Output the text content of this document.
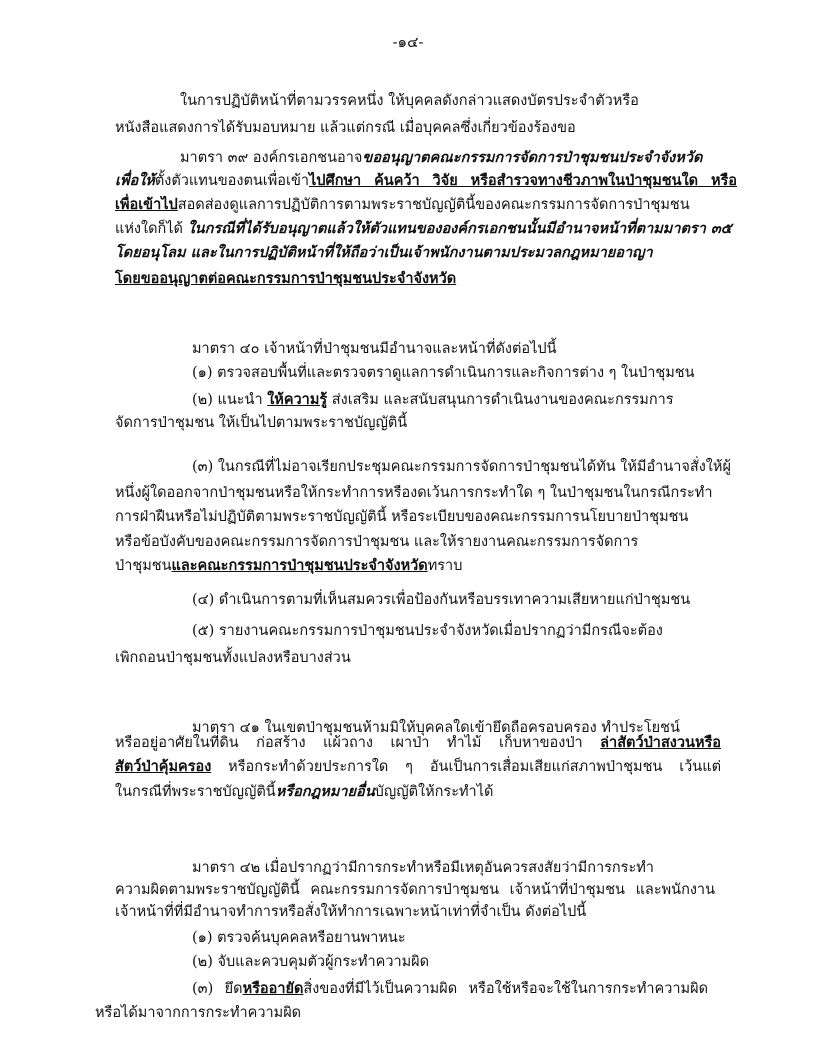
-๑๔-
ในการปฏิบัติหน้าที่ตามวรรคหนึ่ง ให้บุคคลดังกล่าวแสดงบัตรประจำตัวหรือ
หนังสือแสดงการได้รับมอบหมาย แล้วแต่กรณี เมื่อบุคคลซึ่งเกี่ยวข้องร้องขอ
มาตรา ๓๙ องค์กรเอกชนอาจขออนุญาตคณะกรรมการจัดการป่าชุมชนประจำจังหวัด
เพื่อให้ตั้งตัวแทนของตนเพื่อเข้าไปศึกษา ค้นคว้า วิจัย หรือสำรวจทางชีวภาพในป่าชุมชนใด หรือ
เพื่อเข้าไปสอดส่องดูแลการปฏิบัติการตามพระราชบัญญัตินี้ของคณะกรรมการจัดการป่าชุมชน
แห่งใดก็ได้ ในกรณีที่ได้รับอนุญาตแล้วให้ตัวแทนขององค์กรเอกชนนั้นมีอำนาจหน้าที่ตามมาตรา ๓๕
โดยอนุโลม และในการปฏิบัติหน้าที่ให้ถือว่าเป็นเจ้าพนักงานตามประมวลกฎหมายอาญา
โดยขออนุญาตต่อคณะกรรมการป่าชุมชนประจำจังหวัด
มาตรา ๔๐ เจ้าหน้าที่ป่าชุมชนมีอำนาจและหน้าที่ดังต่อไปนี้
(๑) ตรวจสอบพื้นที่และตรวจตราดูแลการดำเนินการและกิจการต่าง ๆ ในป่าชุมชน
(๒) แนะนำ ให้ความรู้ ส่งเสริม และสนับสนุนการดำเนินงานของคณะกรรมการ
จัดการป่าชุมชน ให้เป็นไปตามพระราชบัญญัตินี้
(๓) ในกรณีที่ไม่อาจเรียกประชุมคณะกรรมการจัดการป่าชุมชนได้ทัน ให้มีอำนาจสั่งให้ผู้
หนึ่งผู้ใดออกจากป่าชุมชนหรือให้กระทำการหรืองดเว้นการกระทำใด ๆ ในป่าชุมชนในกรณีกระทำ
การฝ่าฝืนหรือไม่ปฏิบัติตามพระราชบัญญัตินี้ หรือระเบียบของคณะกรรมการนโยบายป่าชุมชน
หรือข้อบังคับของคณะกรรมการจัดการป่าชุมชน และให้รายงานคณะกรรมการจัดการ
ป่าชุมชนและคณะกรรมการป่าชุมชนประจำจังหวัดทราบ
(๔) ดำเนินการตามที่เห็นสมควรเพื่อป้องกันหรือบรรเทาความเสียหายแก่ป่าชุมชน
(๕) รายงานคณะกรรมการป่าชุมชนประจำจังหวัดเมื่อปรากฏว่ามีกรณีจะต้อง
เพิกถอนป่าชุมชนทั้งแปลงหรือบางส่วน
มาตรา ๔๑ ในเขตป่าชุมชนห้ามมิให้บุคคลใดเข้ายึดถือครอบครอง ทำประโยชน์
หรืออยู่อาศัยในที่ดิน ก่อสร้าง แผ้วถาง เผาป่า ทำไม้ เก็บหาของป่า ล่าสัตว์ป่าสงวนหรือ
สัตว์ป่าคุ้มครอง หรือกระทำด้วยประการใด ๆ อันเป็นการเสื่อมเสียแก่สภาพป่าชุมชน เว้นแต่
ในกรณีที่พระราชบัญญัตินี้หรือกฎหมายอื่นบัญญัติให้กระทำได้
มาตรา ๔๒ เมื่อปรากฏว่ามีการกระทำหรือมีเหตุอันควรสงสัยว่ามีการกระทำ
ความผิดตามพระราชบัญญัตินี้ คณะกรรมการจัดการป่าชุมชน เจ้าหน้าที่ป่าชุมชน และพนักงาน
เจ้าหน้าที่ที่มีอำนาจทำการหรือสั่งให้ทำการเฉพาะหน้าเท่าที่จำเป็น ดังต่อไปนี้
(๑) ตรวจค้นบุคคลหรือยานพาหนะ
(๒) จับและควบคุมตัวผู้กระทำความผิด
(๓) ยึดหรืออายัดสิ่งของที่มีไว้เป็นความผิด หรือใช้หรือจะใช้ในการกระทำความผิด
หรือได้มาจากการกระทำความผิด
